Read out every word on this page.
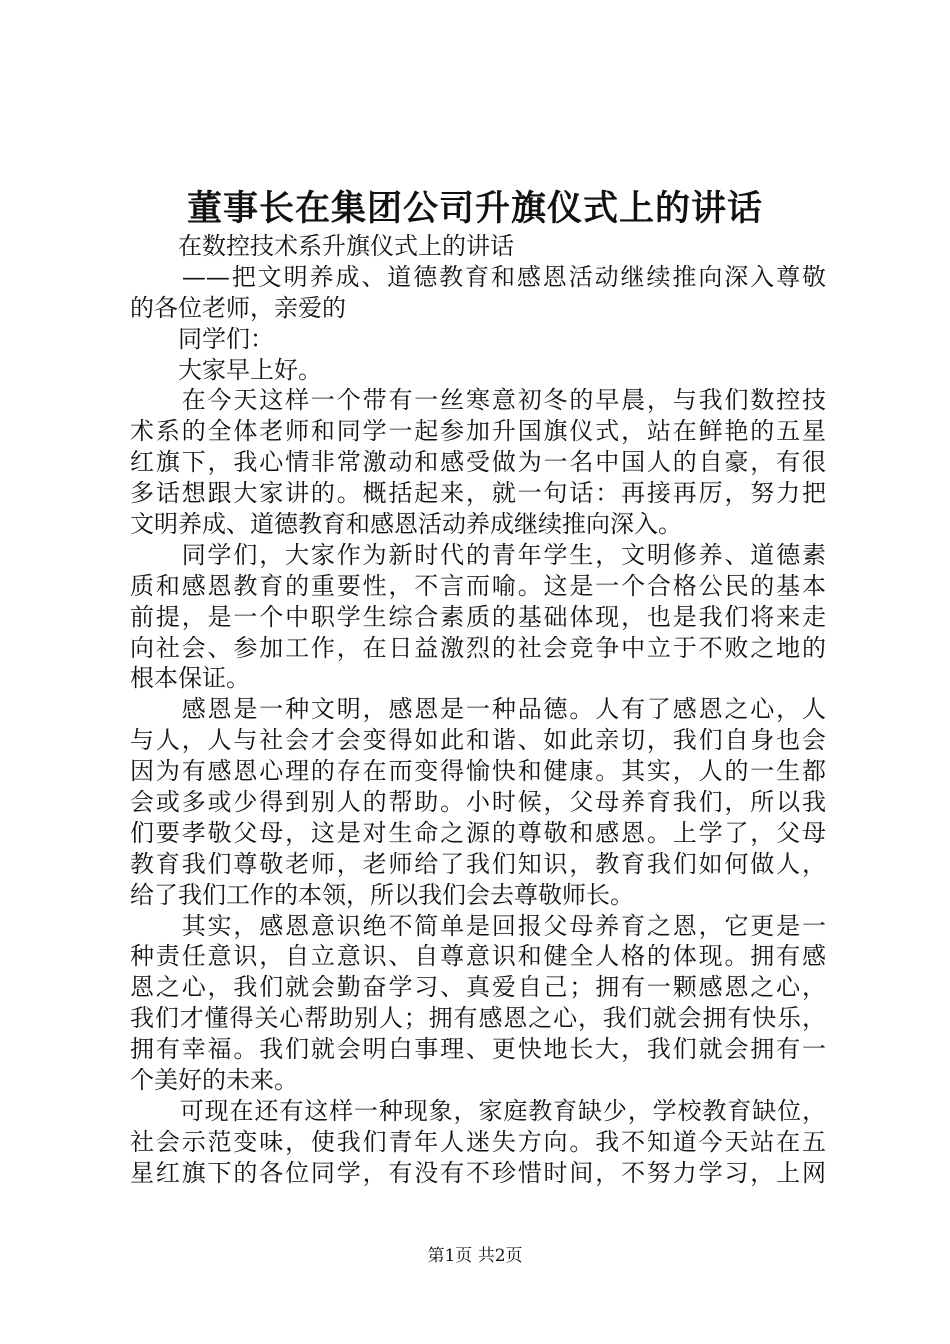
董事长在集团公司升旗仪式上的讲话
　　在数控技术系升旗仪式上的讲话
　　——把文明养成、道德教育和感恩活动继续推向深入尊敬
的各位老师，亲爱的
　　同学们：
　　大家早上好。
　　在今天这样一个带有一丝寒意初冬的早晨，与我们数控技
术系的全体老师和同学一起参加升国旗仪式，站在鲜艳的五星
红旗下，我心情非常激动和感受做为一名中国人的自豪，有很
多话想跟大家讲的。概括起来，就一句话：再接再厉，努力把
文明养成、道德教育和感恩活动养成继续推向深入。
　　同学们，大家作为新时代的青年学生，文明修养、道德素
质和感恩教育的重要性，不言而喻。这是一个合格公民的基本
前提，是一个中职学生综合素质的基础体现，也是我们将来走
向社会、参加工作，在日益激烈的社会竞争中立于不败之地的
根本保证。
　　感恩是一种文明，感恩是一种品德。人有了感恩之心，人
与人，人与社会才会变得如此和谐、如此亲切，我们自身也会
因为有感恩心理的存在而变得愉快和健康。其实，人的一生都
会或多或少得到别人的帮助。小时候，父母养育我们，所以我
们要孝敬父母，这是对生命之源的尊敬和感恩。上学了，父母
教育我们尊敬老师，老师给了我们知识，教育我们如何做人，
给了我们工作的本领，所以我们会去尊敬师长。
　　其实，感恩意识绝不简单是回报父母养育之恩，它更是一
种责任意识，自立意识、自尊意识和健全人格的体现。拥有感
恩之心，我们就会勤奋学习、真爱自己；拥有一颗感恩之心，
我们才懂得关心帮助别人；拥有感恩之心，我们就会拥有快乐，
拥有幸福。我们就会明白事理、更快地长大，我们就会拥有一
个美好的未来。
　　可现在还有这样一种现象，家庭教育缺少，学校教育缺位，
社会示范变味，使我们青年人迷失方向。我不知道今天站在五
星红旗下的各位同学，有没有不珍惜时间，不努力学习，上网
第1页 共2页
